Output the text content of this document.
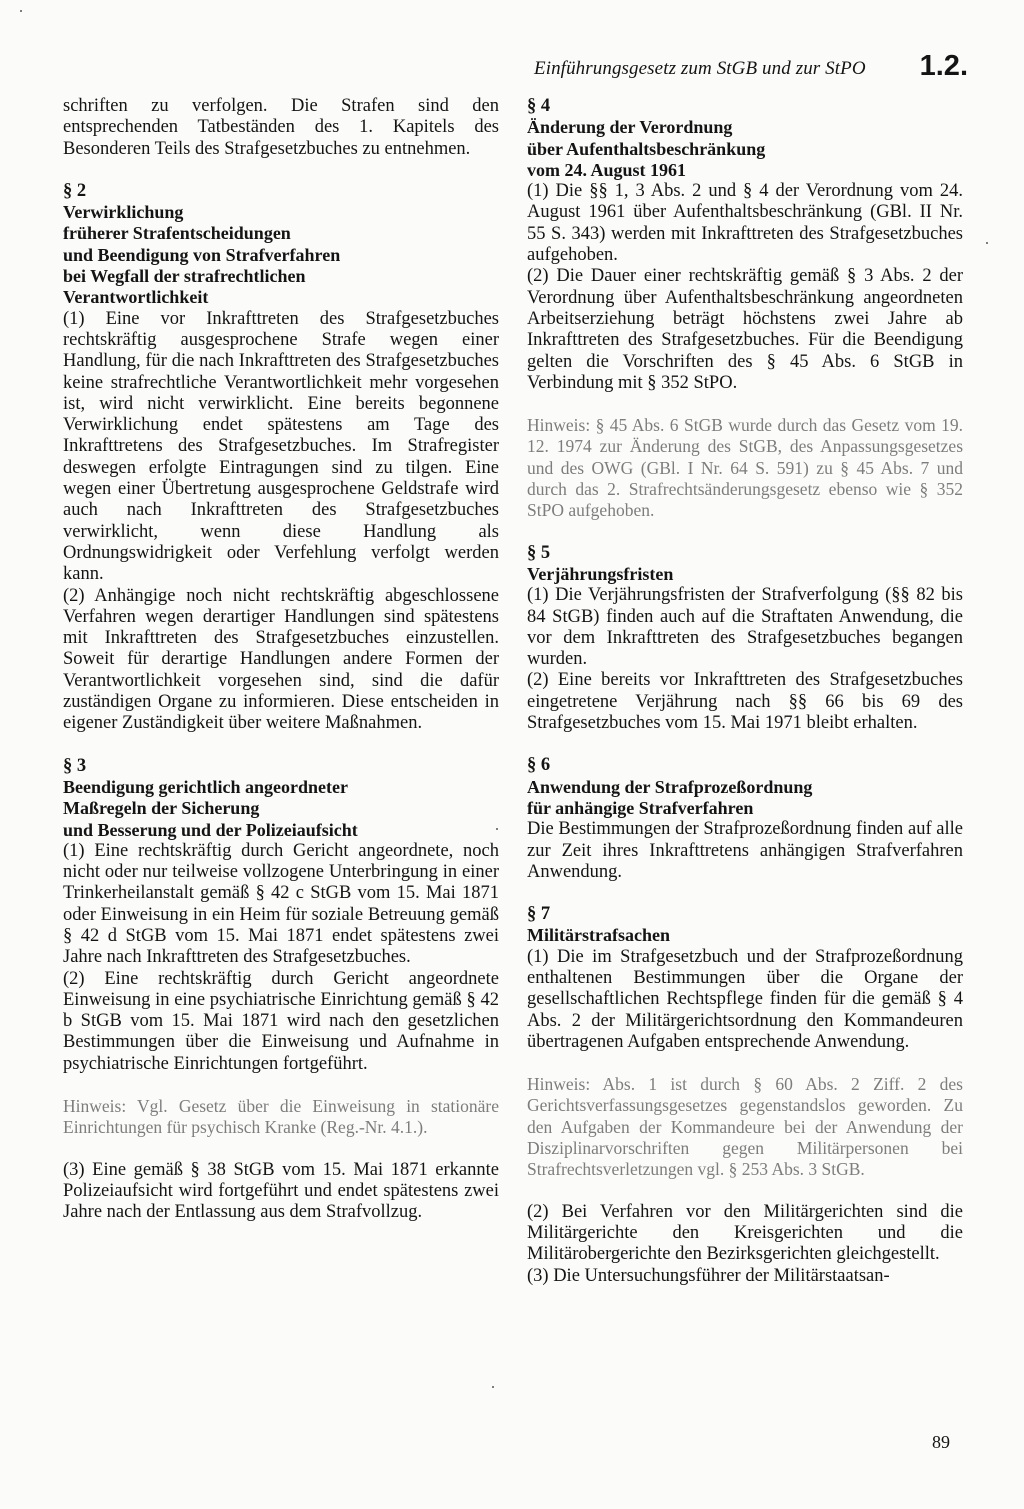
Einführungsgesetz zum StGB und zur StPO 1.2.

schriften zu verfolgen. Die Strafen sind den entsprechenden Tatbeständen des 1. Kapitels des Besonderen Teils des Strafgesetzbuches zu entnehmen.

§ 2

Verwirklichung

früherer Strafentscheidungen

und Beendigung von Strafverfahren

bei Wegfall der strafrechtlichen

Verantwortlichkeit

(1) Eine vor Inkrafttreten des Strafgesetzbuches rechtskräftig ausgesprochene Strafe wegen einer Handlung, für die nach Inkrafttreten des Strafgesetzbuches keine strafrechtliche Verantwortlichkeit mehr vorgesehen ist, wird nicht verwirklicht. Eine bereits begonnene Verwirklichung endet spätestens am Tage des Inkrafttretens des Strafgesetzbuches. Im Strafregister deswegen erfolgte Eintragungen sind zu tilgen. Eine wegen einer Übertretung ausgesprochene Geldstrafe wird auch nach Inkrafttreten des Strafgesetzbuches verwirklicht, wenn diese Handlung als Ordnungswidrigkeit oder Verfehlung verfolgt werden kann.

(2) Anhängige noch nicht rechtskräftig abgeschlossene Verfahren wegen derartiger Handlungen sind spätestens mit Inkrafttreten des Strafgesetzbuches einzustellen. Soweit für derartige Handlungen andere Formen der Verantwortlichkeit vorgesehen sind, sind die dafür zuständigen Organe zu informieren. Diese entscheiden in eigener Zuständigkeit über weitere Maßnahmen.

§ 3

Beendigung gerichtlich angeordneter

Maßregeln der Sicherung

und Besserung und der Polizeiaufsicht

(1) Eine rechtskräftig durch Gericht angeordnete, noch nicht oder nur teilweise vollzogene Unterbringung in einer Trinkerheilanstalt gemäß § 42 c StGB vom 15. Mai 1871 oder Einweisung in ein Heim für soziale Betreuung gemäß § 42 d StGB vom 15. Mai 1871 endet spätestens zwei Jahre nach Inkrafttreten des Strafgesetzbuches.

(2) Eine rechtskräftig durch Gericht angeordnete Einweisung in eine psychiatrische Einrichtung gemäß § 42 b StGB vom 15. Mai 1871 wird nach den gesetzlichen Bestimmungen über die Einweisung und Aufnahme in psychiatrische Einrichtungen fortgeführt.

Hinweis: Vgl. Gesetz über die Einweisung in stationäre Einrichtungen für psychisch Kranke (Reg.-Nr. 4.1.).

(3) Eine gemäß § 38 StGB vom 15. Mai 1871 erkannte Polizeiaufsicht wird fortgeführt und endet spätestens zwei Jahre nach der Entlassung aus dem Strafvollzug.

§ 4

Änderung der Verordnung

über Aufenthaltsbeschränkung

vom 24. August 1961

(1) Die §§ 1, 3 Abs. 2 und § 4 der Verordnung vom 24. August 1961 über Aufenthaltsbeschränkung (GBl. II Nr. 55 S. 343) werden mit Inkrafttreten des Strafgesetzbuches aufgehoben.

(2) Die Dauer einer rechtskräftig gemäß § 3 Abs. 2 der Verordnung über Aufenthaltsbeschränkung angeordneten Arbeitserziehung beträgt höchstens zwei Jahre ab Inkrafttreten des Strafgesetzbuches. Für die Beendigung gelten die Vorschriften des § 45 Abs. 6 StGB in Verbindung mit § 352 StPO.

Hinweis: § 45 Abs. 6 StGB wurde durch das Gesetz vom 19. 12. 1974 zur Änderung des StGB, des Anpassungsgesetzes und des OWG (GBl. I Nr. 64 S. 591) zu § 45 Abs. 7 und durch das 2. Strafrechtsänderungsgesetz ebenso wie § 352 StPO aufgehoben.

§ 5

Verjährungsfristen

(1) Die Verjährungsfristen der Strafverfolgung (§§ 82 bis 84 StGB) finden auch auf die Straftaten Anwendung, die vor dem Inkrafttreten des Strafgesetzbuches begangen wurden.

(2) Eine bereits vor Inkrafttreten des Strafgesetzbuches eingetretene Verjährung nach §§ 66 bis 69 des Strafgesetzbuches vom 15. Mai 1971 bleibt erhalten.

§ 6

Anwendung der Strafprozeßordnung

für anhängige Strafverfahren

Die Bestimmungen der Strafprozeßordnung finden auf alle zur Zeit ihres Inkrafttretens anhängigen Strafverfahren Anwendung.

§ 7

Militärstrafsachen

(1) Die im Strafgesetzbuch und der Strafprozeßordnung enthaltenen Bestimmungen über die Organe der gesellschaftlichen Rechtspflege finden für die gemäß § 4 Abs. 2 der Militärgerichtsordnung den Kommandeuren übertragenen Aufgaben entsprechende Anwendung.

Hinweis: Abs. 1 ist durch § 60 Abs. 2 Ziff. 2 des Gerichtsverfassungsgesetzes gegenstandslos geworden. Zu den Aufgaben der Kommandeure bei der Anwendung der Disziplinarvorschriften gegen Militärpersonen bei Strafrechtsverletzungen vgl. § 253 Abs. 3 StGB.

(2) Bei Verfahren vor den Militärgerichten sind die Militärgerichte den Kreisgerichten und die Militärobergerichte den Bezirksgerichten gleichgestellt.

(3) Die Untersuchungsführer der Militärstaatsan-

89
